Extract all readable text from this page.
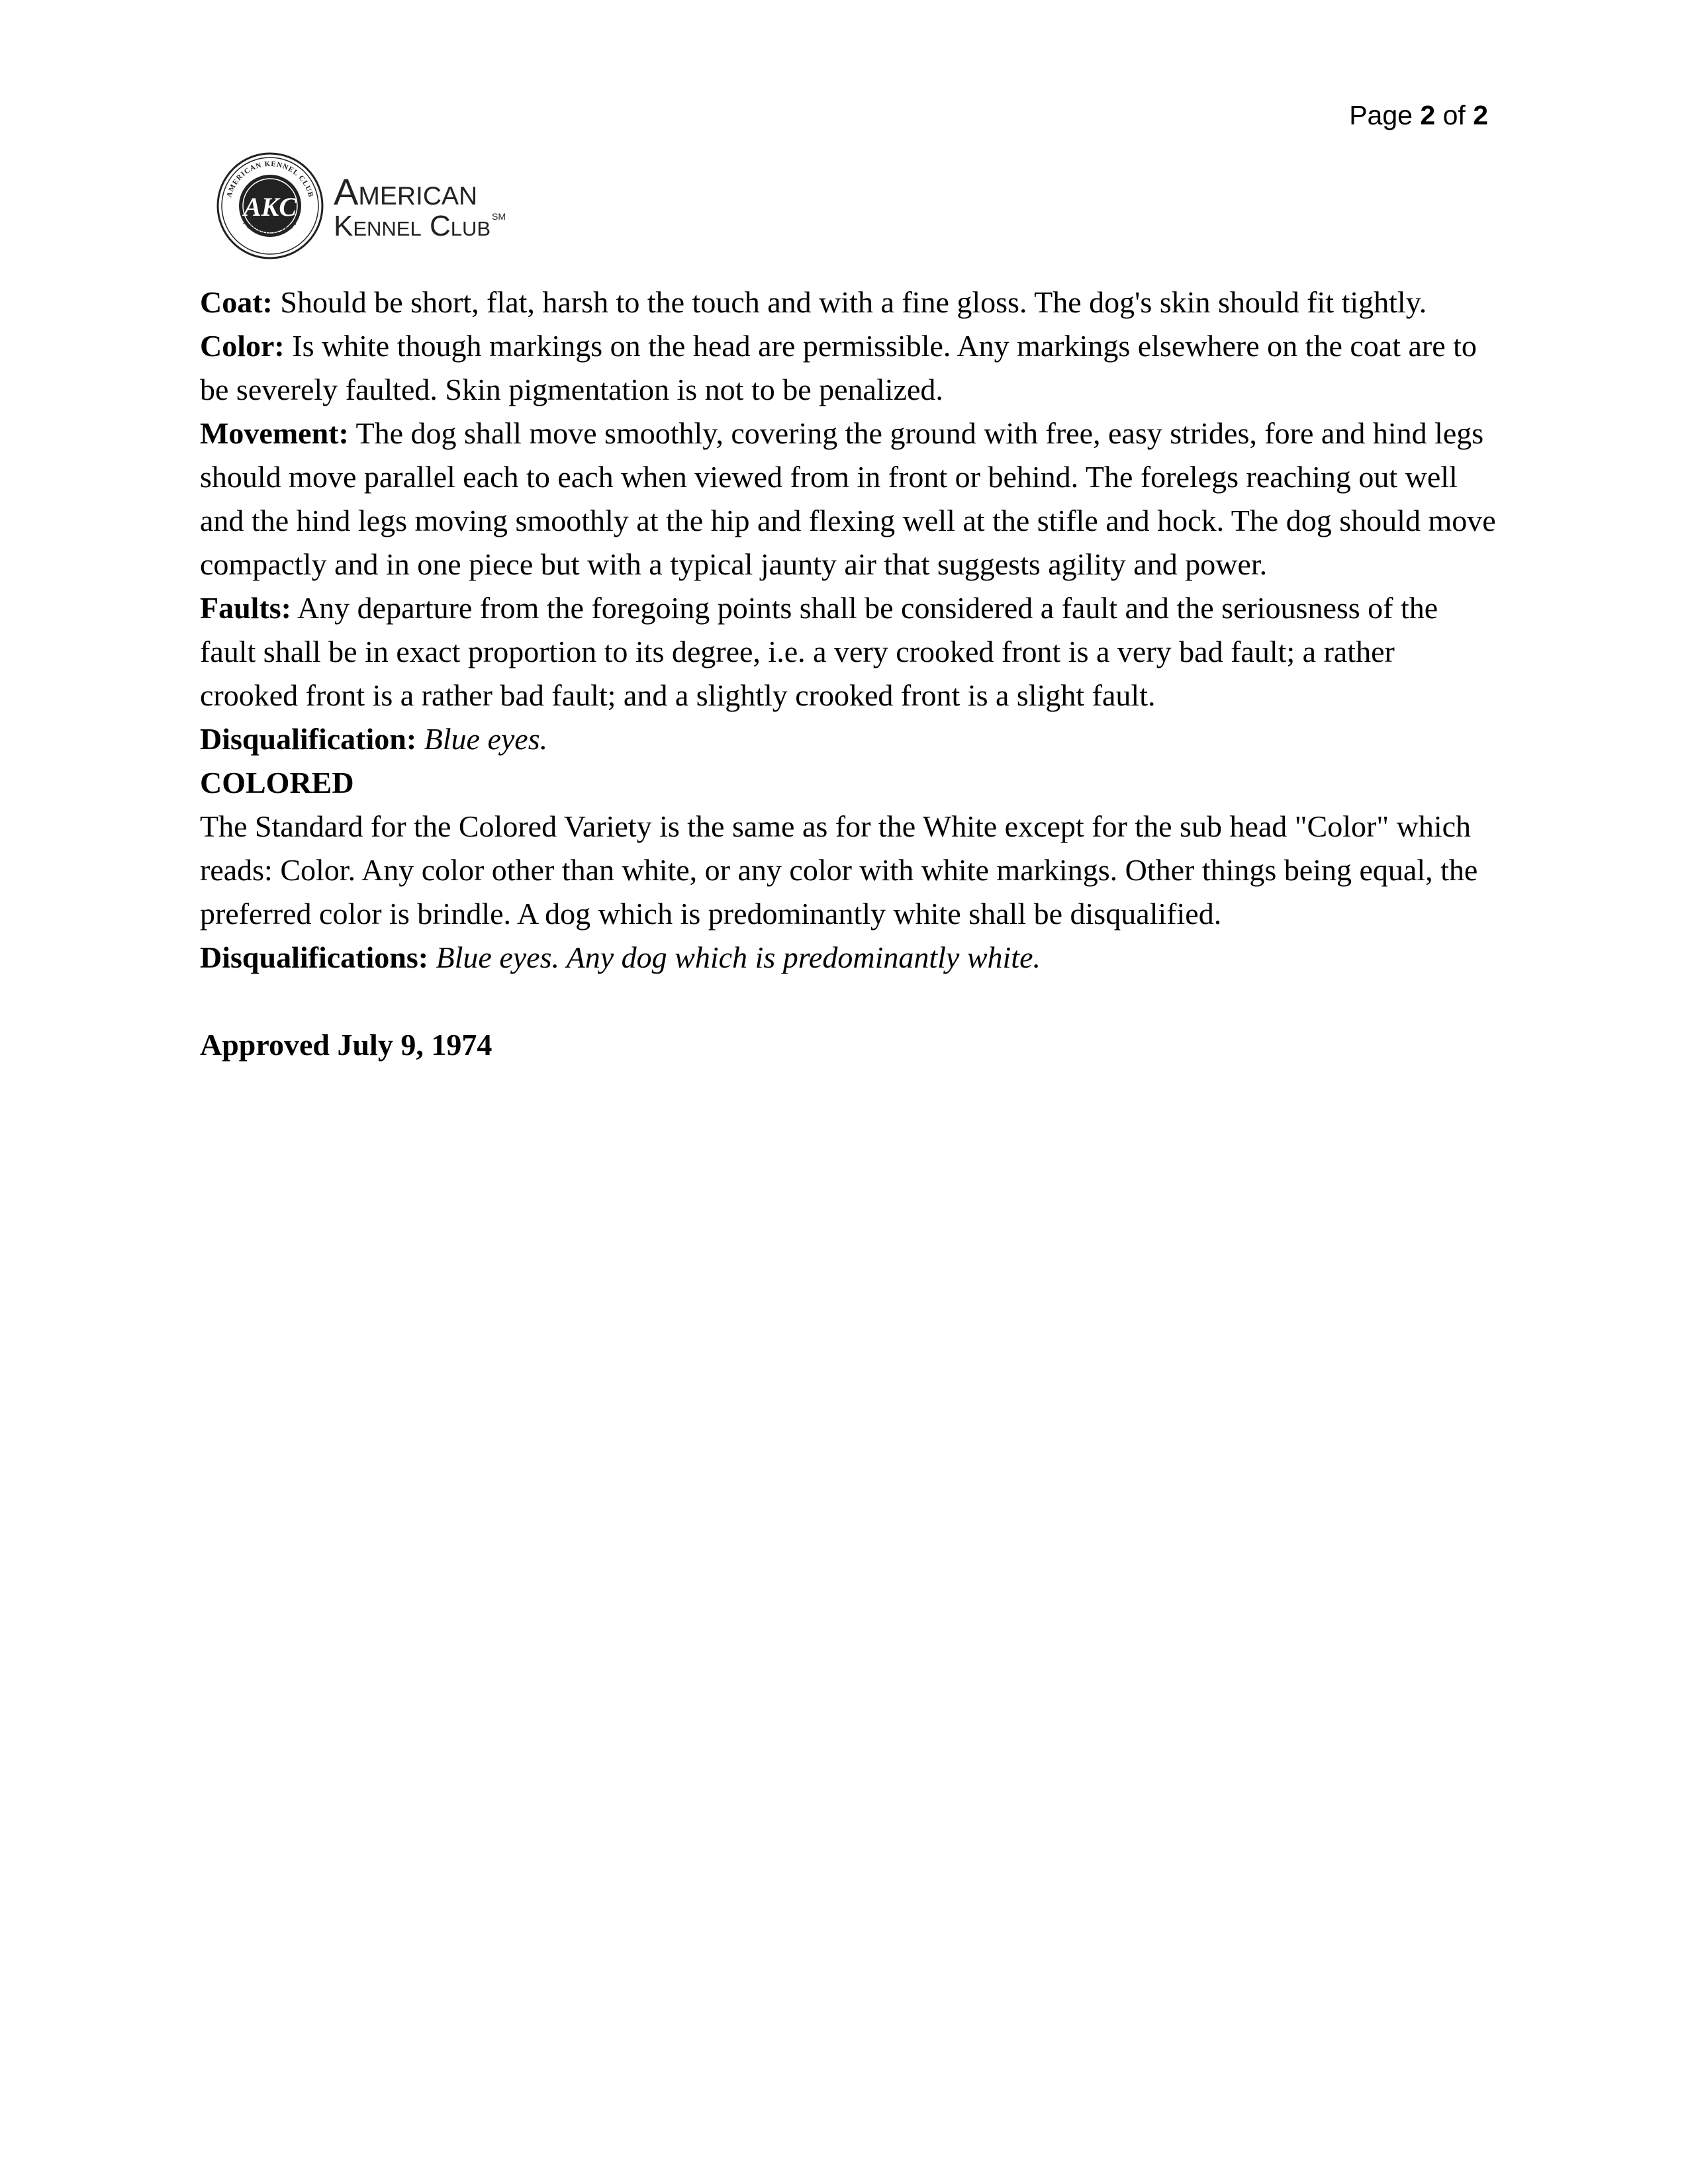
Page 2 of 2
AMERICAN KENNEL CLUB
FOUNDED 1884
AKC American
Kennel Club ℠

Coat: Should be short, flat, harsh to the touch and with a fine gloss. The dog's skin should fit tightly.

Color: Is white though markings on the head are permissible. Any markings elsewhere on the coat are to be severely faulted. Skin pigmentation is not to be penalized.

Movement: The dog shall move smoothly, covering the ground with free, easy strides, fore and hind legs should move parallel each to each when viewed from in front or behind. The forelegs reaching out well and the hind legs moving smoothly at the hip and flexing well at the stifle and hock. The dog should move compactly and in one piece but with a typical jaunty air that suggests agility and power.

Faults: Any departure from the foregoing points shall be considered a fault and the seriousness of the fault shall be in exact proportion to its degree, i.e. a very crooked front is a very bad fault; a rather crooked front is a rather bad fault; and a slightly crooked front is a slight fault.

Disqualification: Blue eyes.

COLORED

The Standard for the Colored Variety is the same as for the White except for the sub head "Color" which reads: Color. Any color other than white, or any color with white markings. Other things being equal, the preferred color is brindle. A dog which is predominantly white shall be disqualified.

Disqualifications: Blue eyes. Any dog which is predominantly white.

Approved July 9, 1974
